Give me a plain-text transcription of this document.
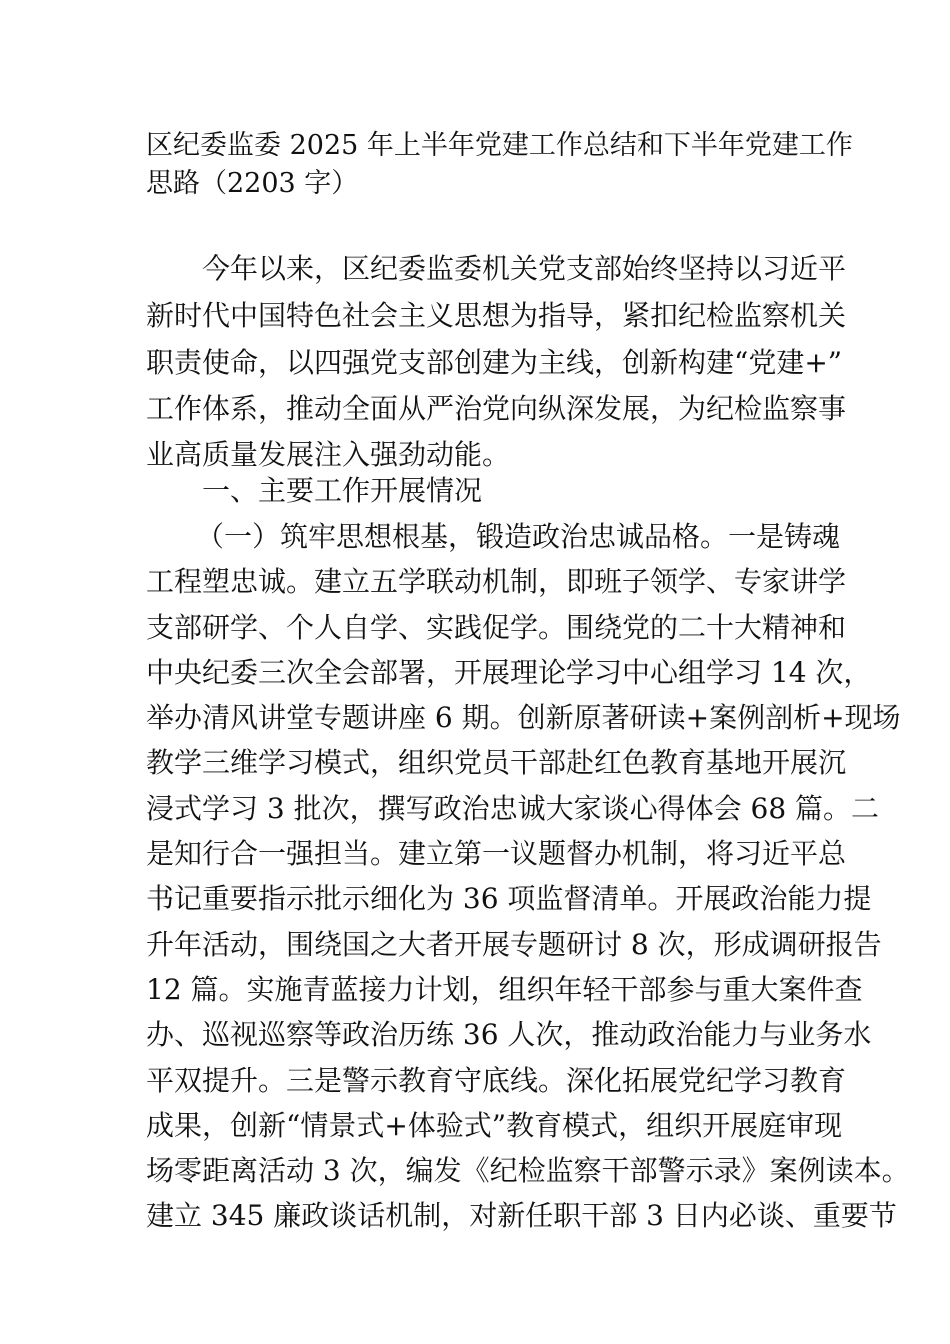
区纪委监委 2025 年上半年党建工作总结和下半年党建工作
思路（2203 字）
今年以来，区纪委监委机关党支部始终坚持以习近平
新时代中国特色社会主义思想为指导，紧扣纪检监察机关
职责使命，以四强党支部创建为主线，创新构建“党建+”
工作体系，推动全面从严治党向纵深发展，为纪检监察事
业高质量发展注入强劲动能。
一、主要工作开展情况
（一）筑牢思想根基，锻造政治忠诚品格。一是铸魂
工程塑忠诚。建立五学联动机制，即班子领学、专家讲学
支部研学、个人自学、实践促学。围绕党的二十大精神和
中央纪委三次全会部署，开展理论学习中心组学习 14 次，
举办清风讲堂专题讲座 6 期。创新原著研读+案例剖析+现场
教学三维学习模式，组织党员干部赴红色教育基地开展沉
浸式学习 3 批次，撰写政治忠诚大家谈心得体会 68 篇。二
是知行合一强担当。建立第一议题督办机制，将习近平总
书记重要指示批示细化为 36 项监督清单。开展政治能力提
升年活动，围绕国之大者开展专题研讨 8 次，形成调研报告
12 篇。实施青蓝接力计划，组织年轻干部参与重大案件查
办、巡视巡察等政治历练 36 人次，推动政治能力与业务水
平双提升。三是警示教育守底线。深化拓展党纪学习教育
成果，创新“情景式+体验式”教育模式，组织开展庭审现
场零距离活动 3 次，编发《纪检监察干部警示录》案例读本。
建立 345 廉政谈话机制，对新任职干部 3 日内必谈、重要节
